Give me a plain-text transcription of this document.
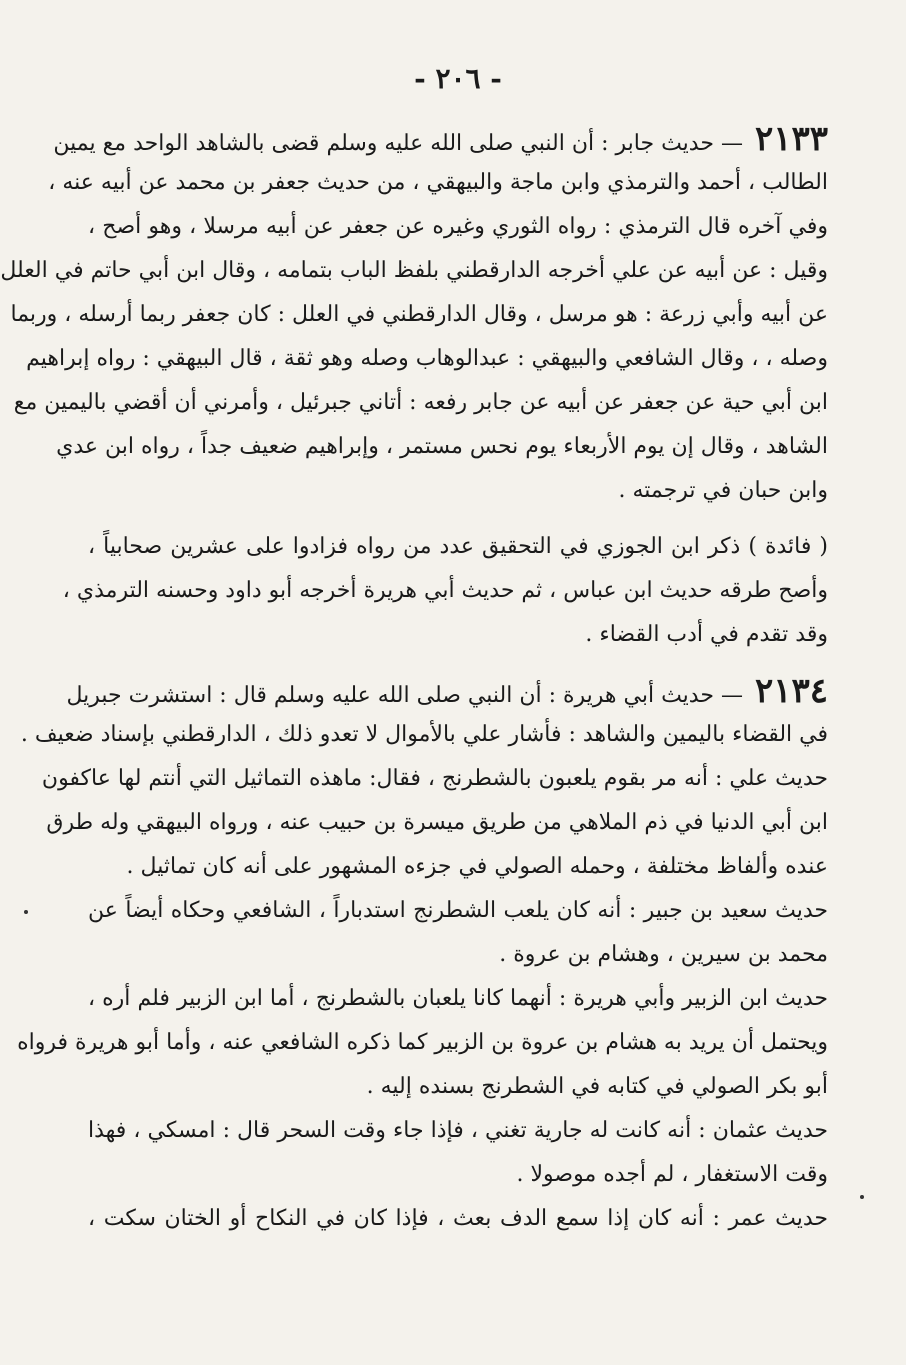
- ٢٠٦ -
٢١٣٣— حديث جابر : أن النبي صلى الله عليه وسلم قضى بالشاهد الواحد مع يمين
الطالب ، أحمد والترمذي وابن ماجة والبيهقي ، من حديث جعفر بن محمد عن أبيه عنه ،
وفي آخره قال الترمذي : رواه الثوري وغيره عن جعفر عن أبيه مرسلا ، وهو أصح ،
وقيل : عن أبيه عن علي أخرجه الدارقطني بلفظ الباب بتمامه ، وقال ابن أبي حاتم في العلل
عن أبيه وأبي زرعة : هو مرسل ، وقال الدارقطني في العلل : كان جعفر ربما أرسله ، وربما
وصله ، ، وقال الشافعي والبيهقي : عبدالوهاب وصله وهو ثقة ، قال البيهقي : رواه إبراهيم
ابن أبي حية عن جعفر عن أبيه عن جابر رفعه : أتاني جبرئيل ، وأمرني أن أقضي باليمين مع
الشاهد ، وقال إن يوم الأربعاء يوم نحس مستمر ، وإبراهيم ضعيف جداً ، رواه ابن عدي
وابن حبان في ترجمته .
( فائدة ) ذكر ابن الجوزي في التحقيق عدد من رواه فزادوا على عشرين صحابياً ،
وأصح طرقه حديث ابن عباس ، ثم حديث أبي هريرة أخرجه أبو داود وحسنه الترمذي ،
وقد تقدم في أدب القضاء .
٢١٣٤— حديث أبي هريرة : أن النبي صلى الله عليه وسلم قال : استشرت جبريل
في القضاء باليمين والشاهد : فأشار علي بالأموال لا تعدو ذلك ، الدارقطني بإسناد ضعيف .
حديث علي : أنه مر بقوم يلعبون بالشطرنج ، فقال: ماهذه التماثيل التي أنتم لها عاكفون
ابن أبي الدنيا في ذم الملاهي من طريق ميسرة بن حبيب عنه ، ورواه البيهقي وله طرق
عنده وألفاظ مختلفة ، وحمله الصولي في جزءه المشهور على أنه كان تماثيل .
حديث سعيد بن جبير : أنه كان يلعب الشطرنج استدباراً ، الشافعي وحكاه أيضاً عن
محمد بن سيرين ، وهشام بن عروة .
حديث ابن الزبير وأبي هريرة : أنهما كانا يلعبان بالشطرنج ، أما ابن الزبير فلم أره ،
ويحتمل أن يريد به هشام بن عروة بن الزبير كما ذكره الشافعي عنه ، وأما أبو هريرة فرواه
أبو بكر الصولي في كتابه في الشطرنج بسنده إليه .
حديث عثمان : أنه كانت له جارية تغني ، فإذا جاء وقت السحر قال : امسكي ، فهذا
وقت الاستغفار ، لم أجده موصولا .
حديث عمر : أنه كان إذا سمع الدف بعث ، فإذا كان في النكاح أو الختان سكت ،
